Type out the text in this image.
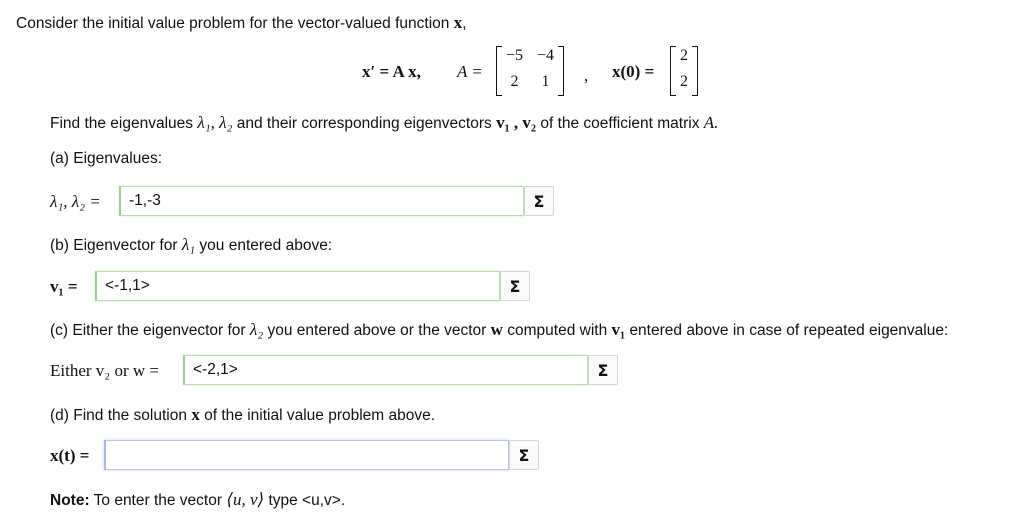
Consider the initial value problem for the vector-valued function x,
x′ = A x, A =
−5 −4
2 1 , x(0) =
2
2
Find the eigenvalues λ₁, λ₂ and their corresponding eigenvectors v₁ , v₂ of the coefficient matrix A.
(a) Eigenvalues:
λ₁, λ₂ =
-1,-3	Σ
(b) Eigenvector for λ₁ you entered above:
v₁ =
<-1,1>	Σ
(c) Either the eigenvector for λ₂ you entered above or the vector w computed with v₁ entered above in case of repeated eigenvalue:
Either v₂ or w =
<-2,1>	Σ
(d) Find the solution x of the initial value problem above.
x(t) =	Σ
Note: To enter the vector ⟨u, v⟩ type <u,v>.
